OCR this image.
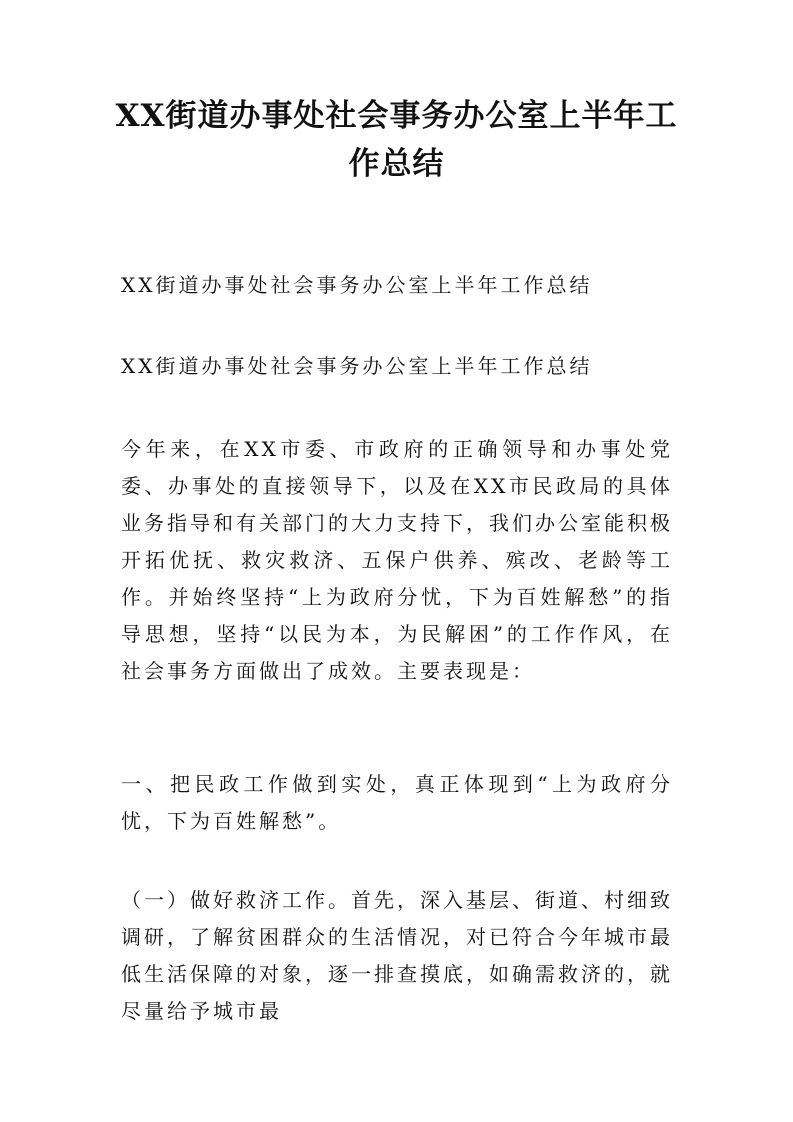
XX街道办事处社会事务办公室上半年工作总结

XX街道办事处社会事务办公室上半年工作总结

XX街道办事处社会事务办公室上半年工作总结

今年来，在XX市委、市政府的正确领导和办事处党委、办事处的直接领导下，以及在XX市民政局的具体业务指导和有关部门的大力支持下，我们办公室能积极开拓优抚、救灾救济、五保户供养、殡改、老龄等工作。并始终坚持“上为政府分忧，下为百姓解愁”的指导思想，坚持“以民为本，为民解困”的工作作风，在社会事务方面做出了成效。主要表现是：

一、把民政工作做到实处，真正体现到“上为政府分忧，下为百姓解愁”。

（一）做好救济工作。首先，深入基层、街道、村细致调研，了解贫困群众的生活情况，对已符合今年城市最低生活保障的对象，逐一排查摸底，如确需救济的，就尽量给予城市最
